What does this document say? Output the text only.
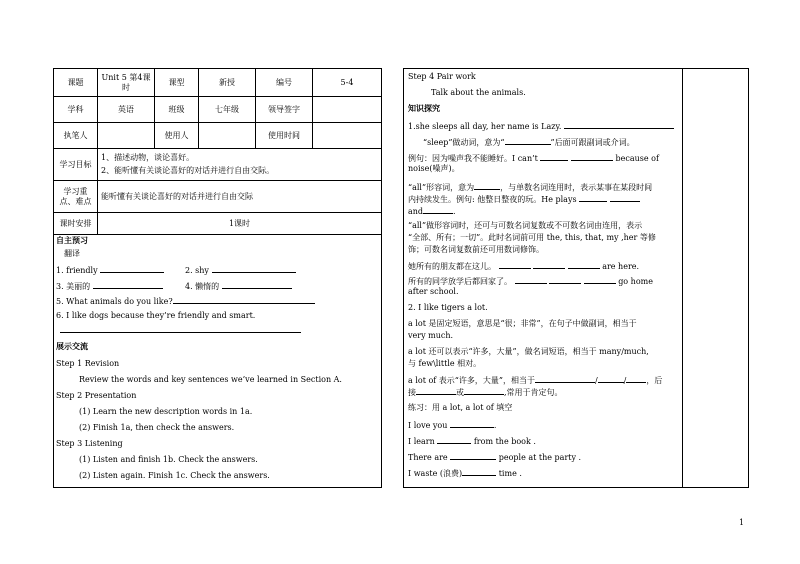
课题	Unit 5 第4课时	课型	新授	编号	5-4
学科	英语	班级	七年级	领导签字	
执笔人		使用人		使用时间	
学习目标	1、描述动物，谈论喜好。
2、能听懂有关谈论喜好的对话并进行自由交际。				

学习重点、难点	能听懂有关谈论喜好的对话并进行自由交际				
课时安排	1课时				
自主预习
翻译
1. friendly	2. shy
3. 美丽的	4. 懒惰的
5. What animals do you like?
6. I like dogs because they’re friendly and smart.
展示交流
Step 1 Revision
Review the words and key sentences we’ve learned in Section A.
Step 2 Presentation
(1) Learn the new description words in 1a.
(2) Finish 1a, then check the answers.
Step 3 Listening
(1) Listen and finish 1b. Check the answers.
(2) Listen again. Finish 1c. Check the answers.
Step 4 Pair work
Talk about the animals.
知识探究
1.she sleeps all day, her name is Lazy.
“sleep”做动词，意为“	”后面可跟副词或介词。
例句：因为噪声我不能睡好。I can’t	because of
noise(噪声)。
“all”形容词，意为	，与单数名词连用时，表示某事在某段时间
内持续发生。例句: 他整日整夜的玩。He plays
and	.
“all”做形容词时，还可与可数名词复数或不可数名词由连用，表示
“全部、所有；一切”。此时名词前可用 the, this, that, my ,her 等修
饰；可数名词复数前还可用数词修饰。
她所有的朋友都在这儿。	are here.
所有的同学放学后都回家了。	go home
after school.
2. I like tigers a lot.
a lot 是固定短语，意思是“很；非常”，在句子中做副词，相当于
very much.
a lot 还可以表示“许多，大量”，做名词短语，相当于 many/much,
与 few\little 相对。
a lot of 表示“许多，大量”，相当于	/	/	，后
接	或	,常用于肯定句。
练习：用 a lot, a lot of 填空
I love you	.
I learn	from the book .
There are	people at the party .
I waste (浪费)	time .
1
